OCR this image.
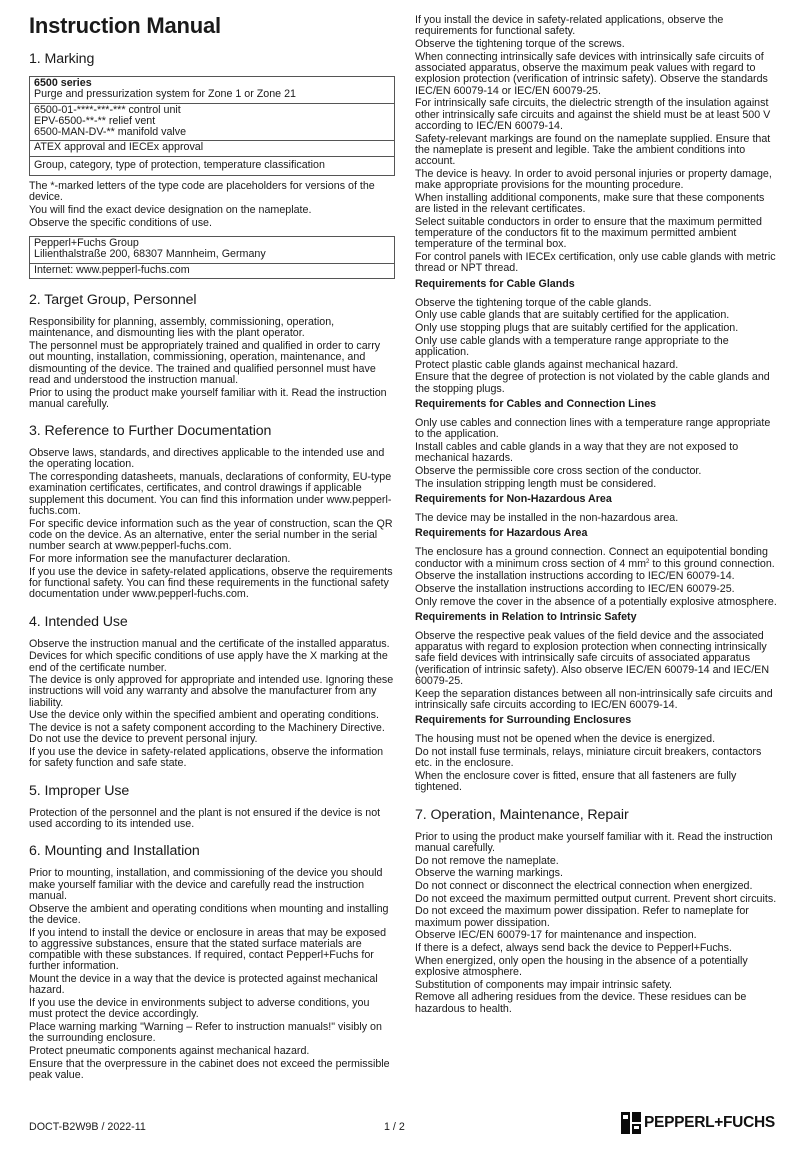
Instruction Manual
1. Marking
6500 series
Purge and pressurization system for Zone 1 or Zone 21
6500-01-****-***-*** control unit
EPV-6500-**-** relief vent
6500-MAN-DV-** manifold valve
ATEX approval and IECEx approval
Group, category, type of protection, temperature classification

The *-marked letters of the type code are placeholders for versions of the device.

You will find the exact device designation on the nameplate.

Observe the specific conditions of use.

Pepperl+Fuchs Group
Lilienthalstraße 200, 68307 Mannheim, Germany
Internet: www.pepperl-fuchs.com
2. Target Group, Personnel

Responsibility for planning, assembly, commissioning, operation, maintenance, and dismounting lies with the plant operator.

The personnel must be appropriately trained and qualified in order to carry out mounting, installation, commissioning, operation, maintenance, and dismounting of the device. The trained and qualified personnel must have read and understood the instruction manual.

Prior to using the product make yourself familiar with it. Read the instruction manual carefully.

3. Reference to Further Documentation

Observe laws, standards, and directives applicable to the intended use and the operating location.

The corresponding datasheets, manuals, declarations of conformity, EU-type examination certificates, certificates, and control drawings if applicable supplement this document. You can find this information under www.pepperl-fuchs.com.

For specific device information such as the year of construction, scan the QR code on the device. As an alternative, enter the serial number in the serial number search at www.pepperl-fuchs.com.

For more information see the manufacturer declaration.

If you use the device in safety-related applications, observe the requirements for functional safety. You can find these requirements in the functional safety documentation under www.pepperl-fuchs.com.

4. Intended Use

Observe the instruction manual and the certificate of the installed apparatus.

Devices for which specific conditions of use apply have the X marking at the end of the certificate number.

The device is only approved for appropriate and intended use. Ignoring these instructions will void any warranty and absolve the manufacturer from any liability.

Use the device only within the specified ambient and operating conditions.

The device is not a safety component according to the Machinery Directive. Do not use the device to prevent personal injury.

If you use the device in safety-related applications, observe the information for safety function and safe state.

5. Improper Use

Protection of the personnel and the plant is not ensured if the device is not used according to its intended use.

6. Mounting and Installation

Prior to mounting, installation, and commissioning of the device you should make yourself familiar with the device and carefully read the instruction manual.

Observe the ambient and operating conditions when mounting and installing the device.

If you intend to install the device or enclosure in areas that may be exposed to aggressive substances, ensure that the stated surface materials are compatible with these substances. If required, contact Pepperl+Fuchs for further information.

Mount the device in a way that the device is protected against mechanical hazard.

If you use the device in environments subject to adverse conditions, you must protect the device accordingly.

Place warning marking "Warning – Refer to instruction manuals!" visibly on the surrounding enclosure.

Protect pneumatic components against mechanical hazard.

Ensure that the overpressure in the cabinet does not exceed the permissible peak value.

If you install the device in safety-related applications, observe the requirements for functional safety.

Observe the tightening torque of the screws.

When connecting intrinsically safe devices with intrinsically safe circuits of associated apparatus, observe the maximum peak values with regard to explosion protection (verification of intrinsic safety). Observe the standards IEC/EN 60079-14 or IEC/EN 60079-25.

For intrinsically safe circuits, the dielectric strength of the insulation against other intrinsically safe circuits and against the shield must be at least 500 V according to IEC/EN 60079-14.

Safety-relevant markings are found on the nameplate supplied. Ensure that the nameplate is present and legible. Take the ambient conditions into account.

The device is heavy. In order to avoid personal injuries or property damage, make appropriate provisions for the mounting procedure.

When installing additional components, make sure that these components are listed in the relevant certificates.

Select suitable conductors in order to ensure that the maximum permitted temperature of the conductors fit to the maximum permitted ambient temperature of the terminal box.

For control panels with IECEx certification, only use cable glands with metric thread or NPT thread.

Requirements for Cable Glands

Observe the tightening torque of the cable glands.

Only use cable glands that are suitably certified for the application.

Only use stopping plugs that are suitably certified for the application.

Only use cable glands with a temperature range appropriate to the application.

Protect plastic cable glands against mechanical hazard.

Ensure that the degree of protection is not violated by the cable glands and the stopping plugs.

Requirements for Cables and Connection Lines

Only use cables and connection lines with a temperature range appropriate to the application.

Install cables and cable glands in a way that they are not exposed to mechanical hazards.

Observe the permissible core cross section of the conductor.

The insulation stripping length must be considered.

Requirements for Non-Hazardous Area

The device may be installed in the non-hazardous area.

Requirements for Hazardous Area

The enclosure has a ground connection. Connect an equipotential bonding conductor with a minimum cross section of 4 $mm^2$ to this ground connection.

Observe the installation instructions according to IEC/EN 60079-14.

Observe the installation instructions according to IEC/EN 60079-25.

Only remove the cover in the absence of a potentially explosive atmosphere.

Requirements in Relation to Intrinsic Safety

Observe the respective peak values of the field device and the associated apparatus with regard to explosion protection when connecting intrinsically safe field devices with intrinsically safe circuits of associated apparatus (verification of intrinsic safety). Also observe IEC/EN 60079-14 and IEC/EN 60079-25.

Keep the separation distances between all non-intrinsically safe circuits and intrinsically safe circuits according to IEC/EN 60079-14.

Requirements for Surrounding Enclosures

The housing must not be opened when the device is energized.

Do not install fuse terminals, relays, miniature circuit breakers, contactors etc. in the enclosure.

When the enclosure cover is fitted, ensure that all fasteners are fully tightened.

7. Operation, Maintenance, Repair

Prior to using the product make yourself familiar with it. Read the instruction manual carefully.

Do not remove the nameplate.

Observe the warning markings.

Do not connect or disconnect the electrical connection when energized.

Do not exceed the maximum permitted output current. Prevent short circuits.

Do not exceed the maximum power dissipation. Refer to nameplate for maximum power dissipation.

Observe IEC/EN 60079-17 for maintenance and inspection.

If there is a defect, always send back the device to Pepperl+Fuchs.

When energized, only open the housing in the absence of a potentially explosive atmosphere.

Substitution of components may impair intrinsic safety.

Remove all adhering residues from the device. These residues can be hazardous to health.

DOCT-B2W9B / 2022-11	1 / 2	PEPPERL+FUCHS
